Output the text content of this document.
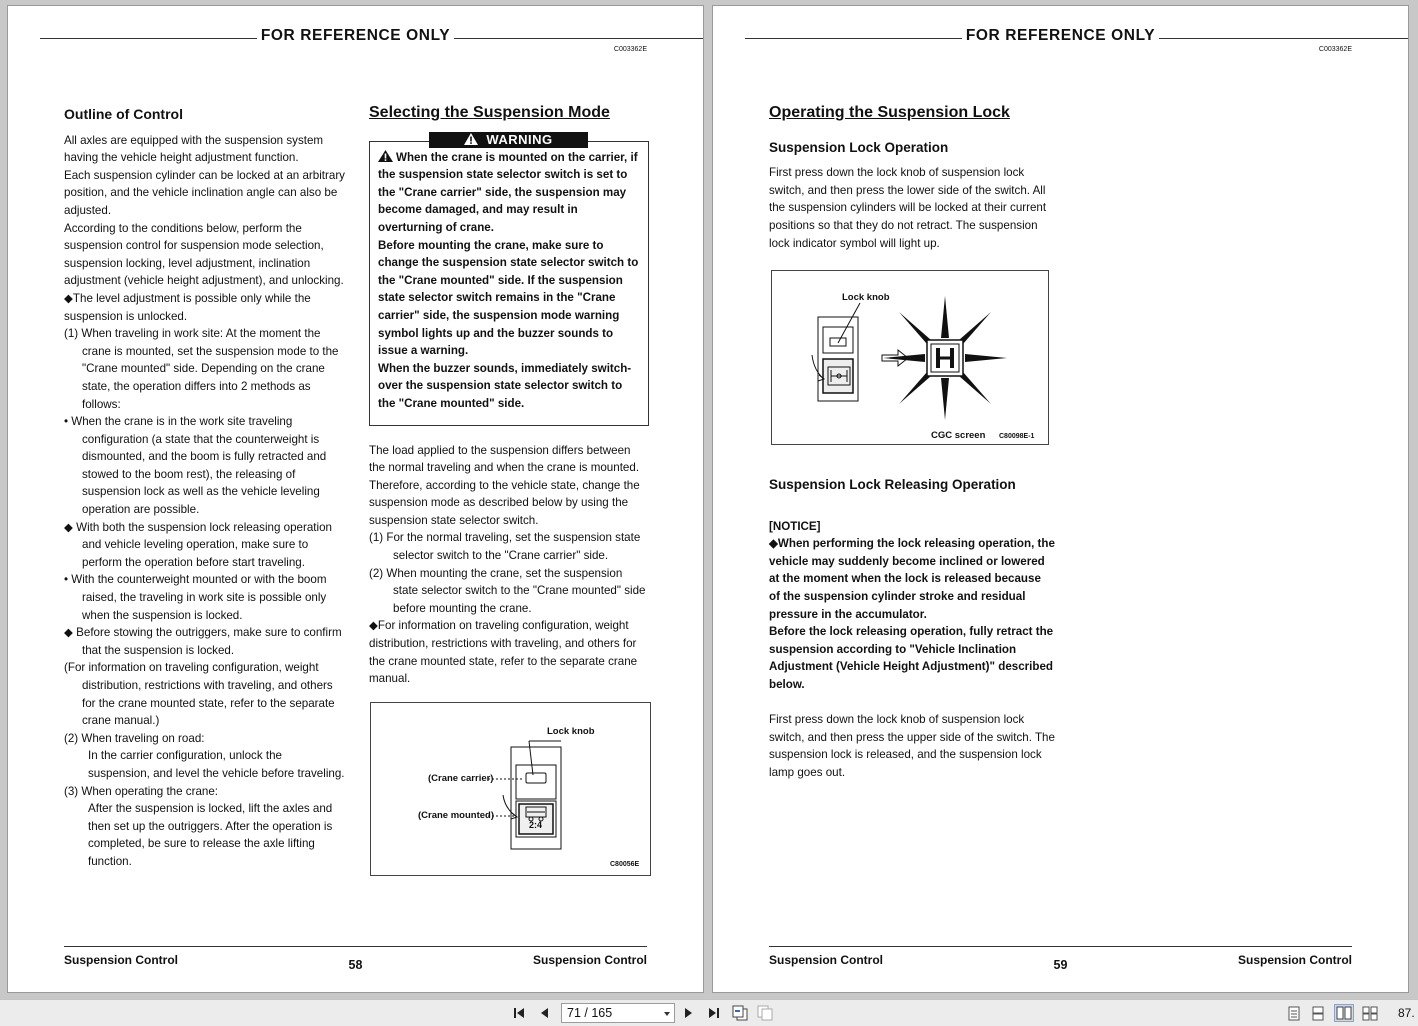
FOR REFERENCE ONLY
C003362E
Outline of Control
All axles are equipped with the suspension system having the vehicle height adjustment function.
Each suspension cylinder can be locked at an arbitrary position, and the vehicle inclination angle can also be adjusted.
According to the conditions below, perform the suspension control for suspension mode selection, suspension locking, level adjustment, inclination adjustment (vehicle height adjustment), and unlocking.
◆The level adjustment is possible only while the suspension is unlocked.
(1) When traveling in work site: At the moment the crane is mounted, set the suspension mode to the "Crane mounted" side. Depending on the crane state, the operation differs into 2 methods as follows:
• When the crane is in the work site traveling configuration (a state that the counterweight is dismounted, and the boom is fully retracted and stowed to the boom rest), the releasing of suspension lock as well as the vehicle leveling operation are possible.
◆ With both the suspension lock releasing operation and vehicle leveling operation, make sure to perform the operation before start traveling.
• With the counterweight mounted or with the boom raised, the traveling in work site is possible only when the suspension is locked.
◆ Before stowing the outriggers, make sure to confirm that the suspension is locked.
(For information on traveling configuration, weight distribution, restrictions with traveling, and others for the crane mounted state, refer to the separate crane manual.)
(2) When traveling on road:
In the carrier configuration, unlock the suspension, and level the vehicle before traveling.
(3) When operating the crane:
After the suspension is locked, lift the axles and then set up the outriggers. After the operation is completed, be sure to release the axle lifting function.
Selecting the Suspension Mode
WARNING
When the crane is mounted on the carrier, if the suspension state selector switch is set to the "Crane carrier" side, the suspension may become damaged, and may result in overturning of crane.
Before mounting the crane, make sure to change the suspension state selector switch to the "Crane mounted" side. If the suspension state selector switch remains in the "Crane carrier" side, the suspension mode warning symbol lights up and the buzzer sounds to issue a warning.
When the buzzer sounds, immediately switch-over the suspension state selector switch to the "Crane mounted" side.
The load applied to the suspension differs between the normal traveling and when the crane is mounted. Therefore, according to the vehicle state, change the suspension mode as described below by using the suspension state selector switch.
(1) For the normal traveling, set the suspension state selector switch to the "Crane carrier" side.
(2) When mounting the crane, set the suspension state selector switch to the "Crane mounted" side before mounting the crane.
◆For information on traveling configuration, weight distribution, restrictions with traveling, and others for the crane mounted state, refer to the separate crane manual.
Lock knob
(Crane carrier)
(Crane mounted)
2:4
C80056E
Suspension Control	58	Suspension Control
FOR REFERENCE ONLY
C003362E
Operating the Suspension Lock
Suspension Lock Operation
First press down the lock knob of suspension lock switch, and then press the lower side of the switch. All the suspension cylinders will be locked at their current positions so that they do not retract. The suspension lock indicator symbol will light up.
Lock knob
CGC screen C80098E-1
Suspension Lock Releasing Operation
[NOTICE]
◆When performing the lock releasing operation, the vehicle may suddenly become inclined or lowered at the moment when the lock is released because of the suspension cylinder stroke and residual pressure in the accumulator.
Before the lock releasing operation, fully retract the suspension according to "Vehicle Inclination Adjustment (Vehicle Height Adjustment)" described below.
First press down the lock knob of suspension lock switch, and then press the upper side of the switch. The suspension lock is released, and the suspension lock lamp goes out.
Suspension Control	59	Suspension Control
71 / 165	87.
